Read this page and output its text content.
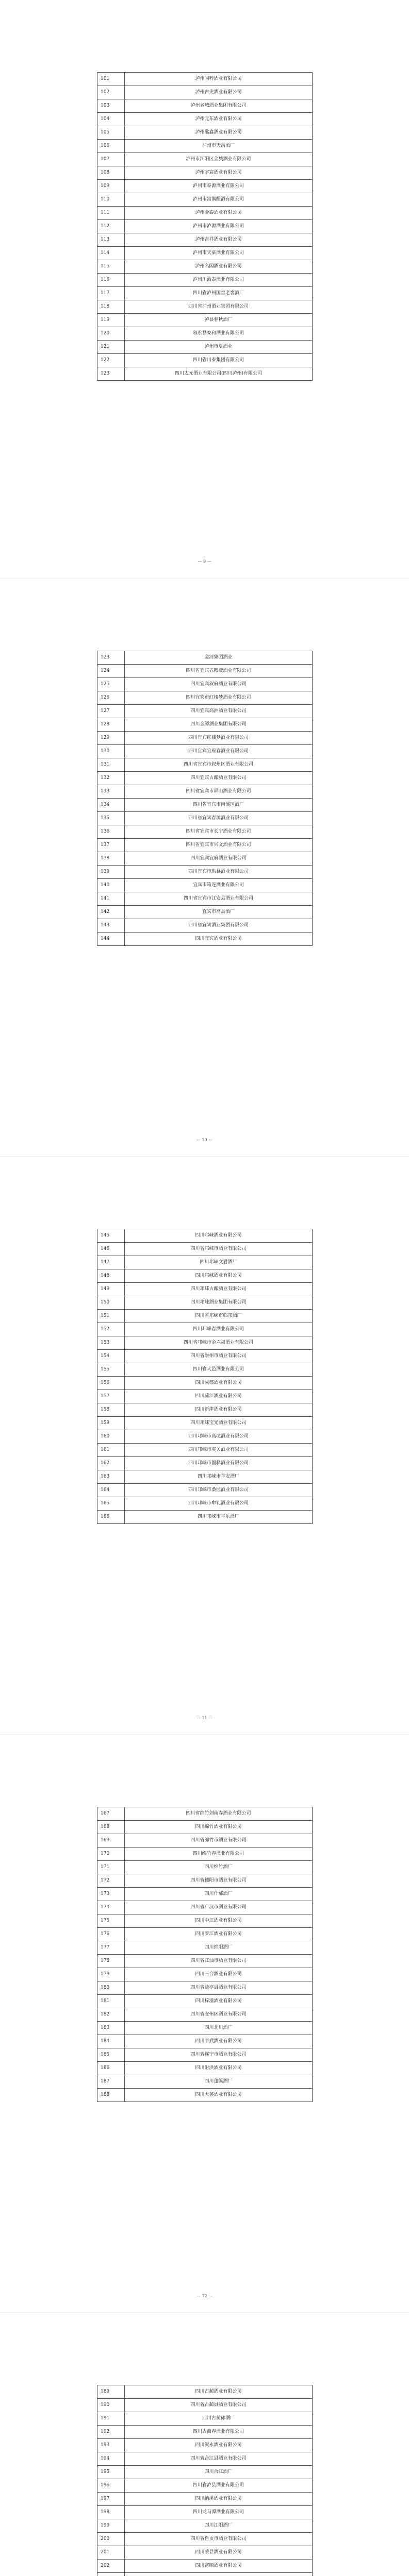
101	泸州国粹酒业有限公司
102	泸州古史酒业有限公司
103	泸州老城酒业集团有限公司
104	泸州元东酒业有限公司
105	泸州酩鑫酒业有限公司
106	泸州市天禹酒厂
107	泸州市江阳区金城酒业有限公司
108	泸州宇宸酒业有限公司
109	泸州市泰源酒业有限公司
110	泸州市富满酿酒有限公司
111	泸州金泰酒业有限公司
112	泸州市泸源酒业有限公司
113	泸州吉祥酒业有限公司
114	泸州市天豪酒业有限公司
115	泸州名园酒业有限公司
116	泸州川渝泰酒业有限公司
117	四川省泸州国窖老窖酒厂
118	四川省泸州酒业集团有限公司
119	泸县春秋酒厂
120	叙永县泰和酒业有限公司
121	泸州市夏酒业
122	四川省川泰集团有限公司
123	四川太元酒业有限公司(四川泸州)有限公司
— 9 —
123	金河集团酒业
124	四川省宜宾五粮液酒业有限公司
125	四川宜宾叙府酒业有限公司
126	四川宜宾市红楼梦酒业有限公司
127	四川宜宾高洲酒业有限公司
128	四川金潭酒业集团有限公司
129	四川宜宾红楼梦酒业有限公司
130	四川宜宾宜府春酒业有限公司
131	四川省宜宾市叙州区酒业有限公司
132	四川宜宾古酿酒业有限公司
133	四川省宜宾市屏山酒业有限公司
134	四川省宜宾市南溪区酒厂
135	四川省宜宾春源酒业有限公司
136	四川省宜宾市长宁酒业有限公司
137	四川省宜宾市兴文酒业有限公司
138	四川宜宾宜府酒业有限公司
139	四川宜宾市珙县酒业有限公司
140	宜宾市筠连酒业有限公司
141	四川省宜宾市江安县酒业有限公司
142	宜宾市高县酒厂
143	四川省宜宾酒业集团有限公司
144	四川宜宾酒业有限公司
— 10 —
145	四川邛崃酒业有限公司
146	四川省邛崃市酒业有限公司
147	四川邛崃文君酒厂
148	四川邛崃酒业有限公司
149	四川邛崃古酿酒业有限公司
150	四川邛崃酒业集团有限公司
151	四川省邛崃市临邛酒厂
152	四川邛崃春酒业有限公司
153	四川省邛崃市金六福酒业有限公司
154	四川省崇州市酒业有限公司
155	四川省大邑酒业有限公司
156	四川成都酒业有限公司
157	四川蒲江酒业有限公司
158	四川新津酒业有限公司
159	四川邛崃宝光酒业有限公司
160	四川邛崃市高埂酒业有限公司
161	四川邛崃市夹关酒业有限公司
162	四川邛崃市固驿酒业有限公司
163	四川邛崃市羊安酒厂
164	四川邛崃市桑园酒业有限公司
165	四川邛崃市牟礼酒业有限公司
166	四川邛崃市平乐酒厂
— 11 —
167	四川省绵竹剑南春酒业有限公司
168	四川绵竹酒业有限公司
169	四川省绵竹市酒业有限公司
170	四川绵竹春酒业有限公司
171	四川绵竹酒厂
172	四川省德阳市酒业有限公司
173	四川什邡酒厂
174	四川省广汉市酒业有限公司
175	四川中江酒业有限公司
176	四川罗江酒业有限公司
177	四川绵阳酒厂
178	四川省江油市酒业有限公司
179	四川三台酒业有限公司
180	四川省盐亭县酒业有限公司
181	四川梓潼酒业有限公司
182	四川省安州区酒业有限公司
183	四川北川酒厂
184	四川平武酒业有限公司
185	四川省遂宁市酒业有限公司
186	四川射洪酒业有限公司
187	四川蓬溪酒厂
188	四川大英酒业有限公司
— 12 —
189	四川古蔺酒业有限公司
190	四川省古蔺县酒业有限公司
191	四川古蔺郎酒厂
192	四川古蔺春酒业有限公司
193	四川叙永酒业有限公司
194	四川省合江县酒业有限公司
195	四川合江酒厂
196	四川省泸县酒业有限公司
197	四川纳溪酒业有限公司
198	四川龙马潭酒业有限公司
199	四川江阳酒厂
200	四川省自贡市酒业有限公司
201	四川荣县酒业有限公司
202	四川富顺酒业有限公司
